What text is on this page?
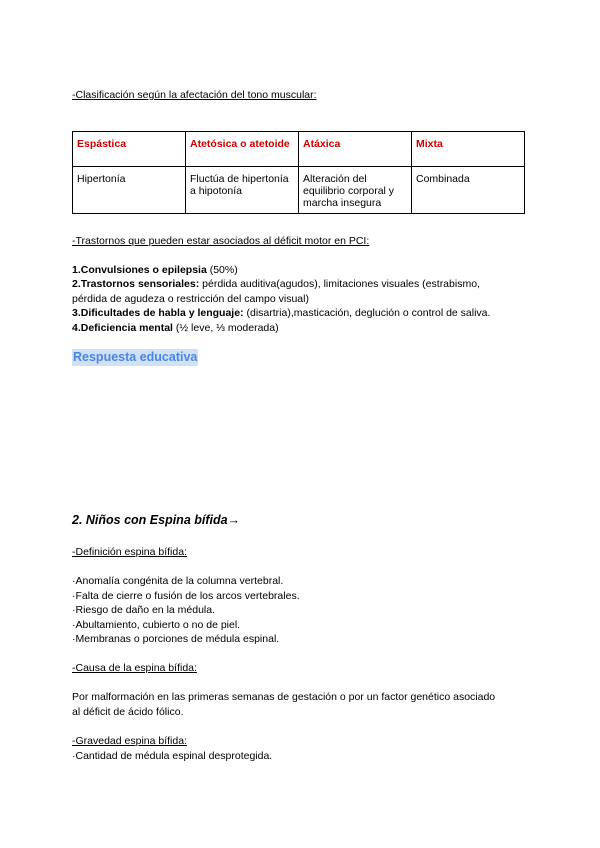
-Clasificación según la afectación del tono muscular:
Espástica	Atetósica o atetoide	Atáxica	Mixta
Hipertonía	Fluctúa de hipertonía a hipotonía	Alteración del equilibrio corporal y marcha insegura	Combinada
-Trastornos que pueden estar asociados al déficit motor en PCI:
1.Convulsiones o epilepsia (50%)
2.Trastornos sensoriales: pérdida auditiva(agudos), limitaciones visuales (estrabismo,
pérdida de agudeza o restricción del campo visual)
3.Dificultades de habla y lenguaje: (disartria),masticación, deglución o control de saliva.
4.Deficiencia mental (½ leve, ⅓ moderada)
Respuesta educativa
2. Niños con Espina bífida→
-Definición espina bífida:
·Anomalía congénita de la columna vertebral.
·Falta de cierre o fusión de los arcos vertebrales.
·Riesgo de daño en la médula.
·Abultamiento, cubierto o no de piel.
·Membranas o porciones de médula espinal.
-Causa de la espina bífida:
Por malformación en las primeras semanas de gestación o por un factor genético asociado
al déficit de ácido fólico.
-Gravedad espina bífida:
·Cantidad de médula espinal desprotegida.
